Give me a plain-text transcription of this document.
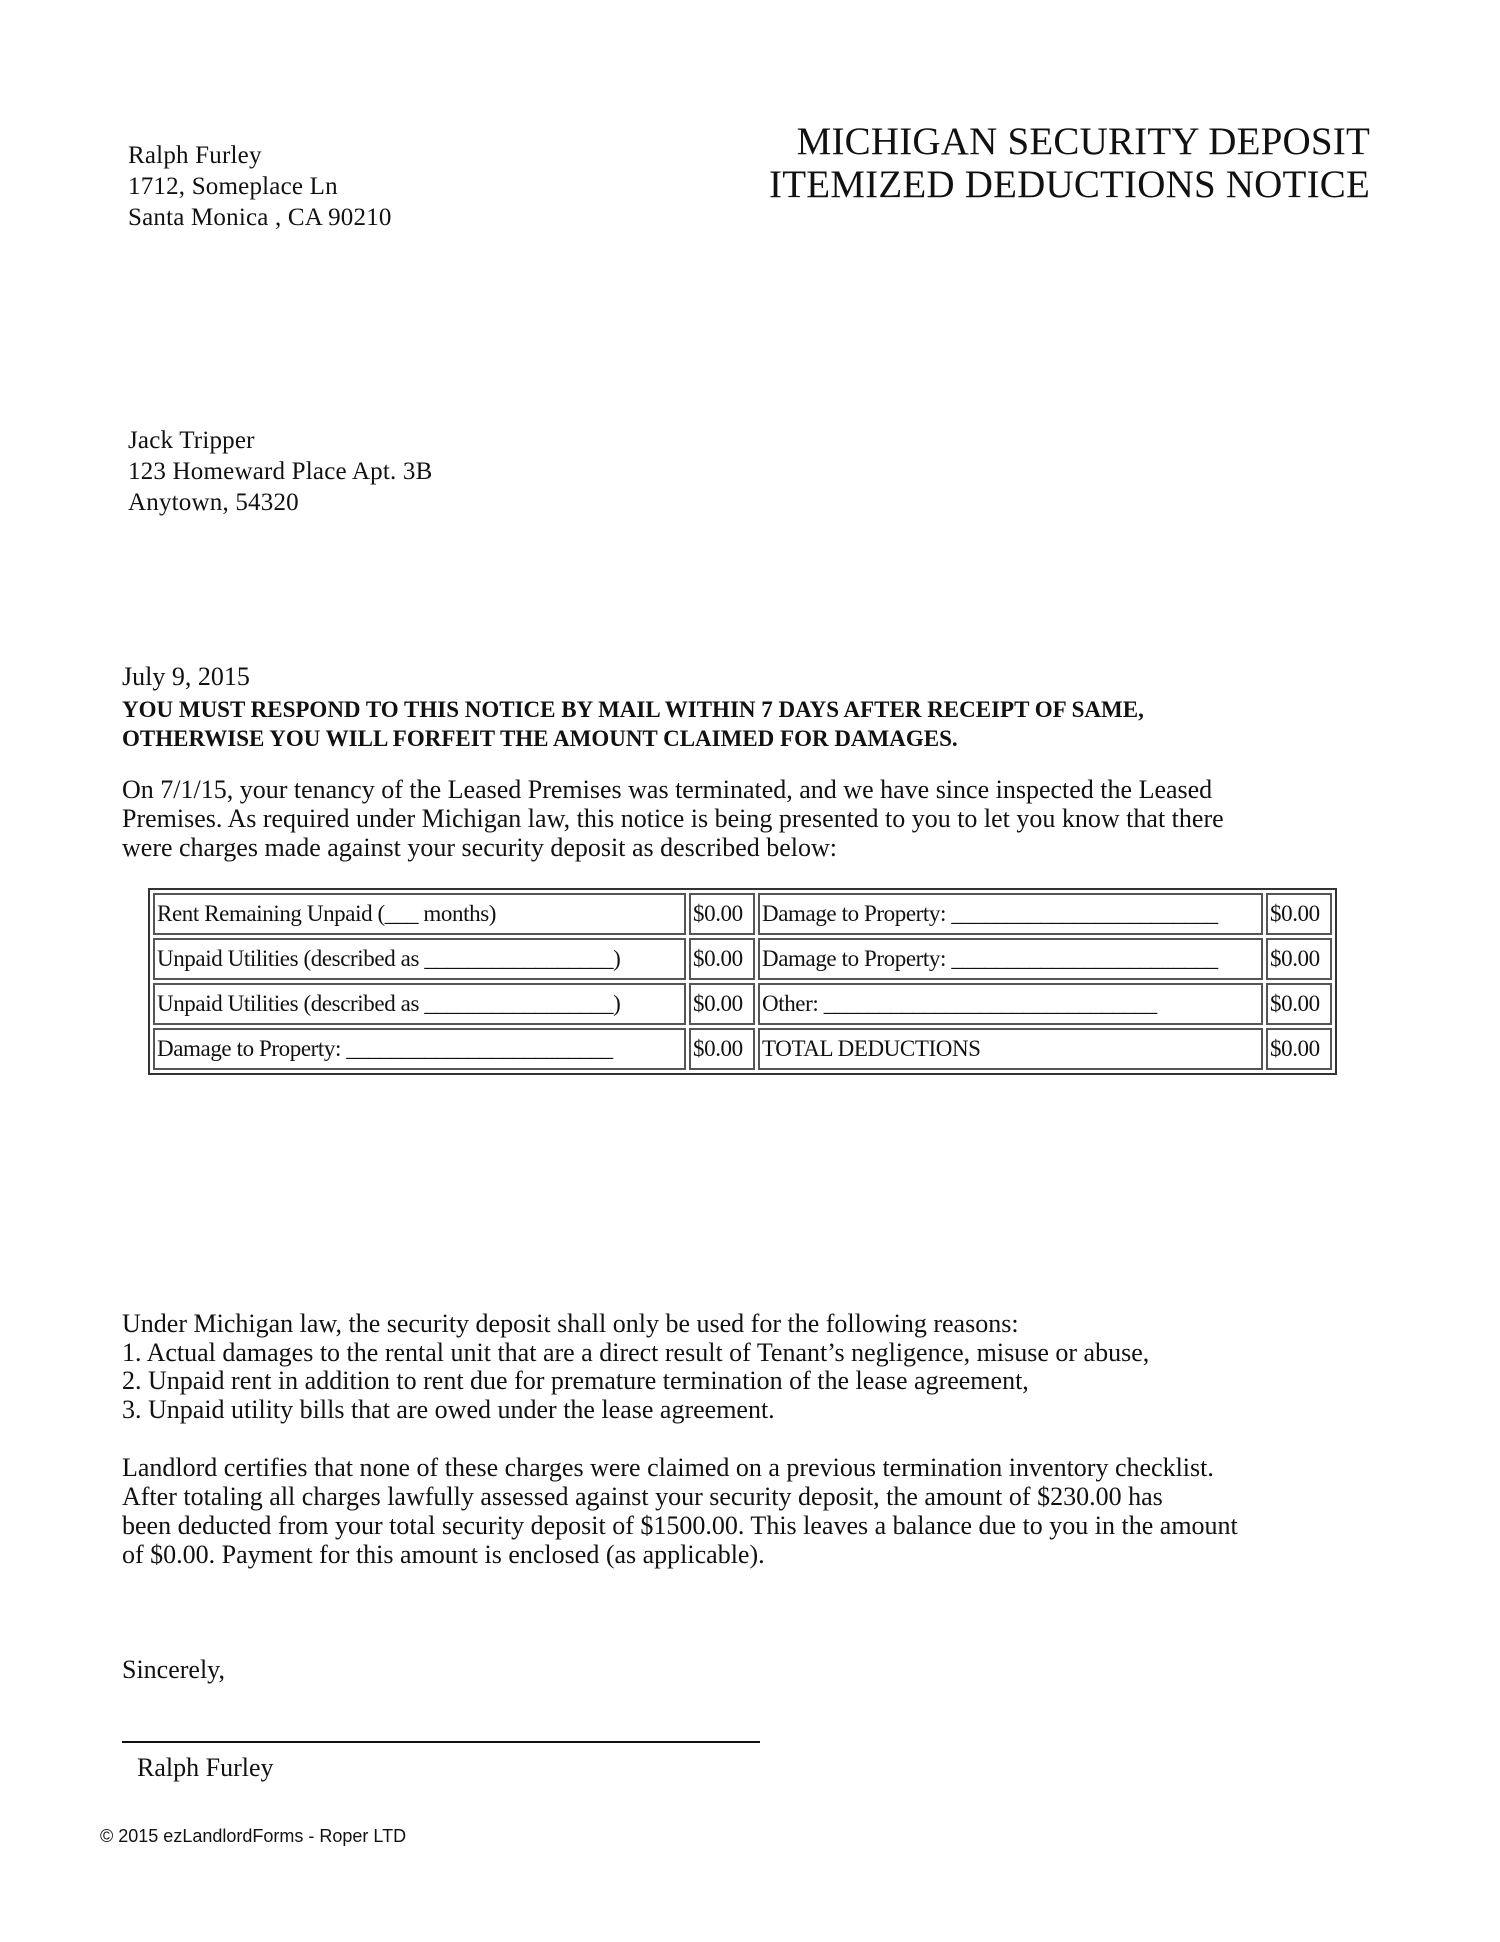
Ralph Furley
1712, Someplace Ln
Santa Monica , CA 90210
MICHIGAN SECURITY DEPOSIT
ITEMIZED DEDUCTIONS NOTICE
Jack Tripper
123 Homeward Place Apt. 3B
Anytown, 54320
July 9, 2015
YOU MUST RESPOND TO THIS NOTICE BY MAIL WITHIN 7 DAYS AFTER RECEIPT OF SAME,
OTHERWISE YOU WILL FORFEIT THE AMOUNT CLAIMED FOR DAMAGES.
On 7/1/15, your tenancy of the Leased Premises was terminated, and we have since inspected the Leased
Premises. As required under Michigan law, this notice is being presented to you to let you know that there
were charges made against your security deposit as described below:
Rent Remaining Unpaid (___ months)	$0.00	Damage to Property: ________________________	$0.00
Unpaid Utilities (described as _________________)	$0.00	Damage to Property: ________________________	$0.00
Unpaid Utilities (described as _________________)	$0.00	Other: ______________________________	$0.00
Damage to Property: ________________________	$0.00	TOTAL DEDUCTIONS	$0.00
Under Michigan law, the security deposit shall only be used for the following reasons:
1. Actual damages to the rental unit that are a direct result of Tenant’s negligence, misuse or abuse,
2. Unpaid rent in addition to rent due for premature termination of the lease agreement,
3. Unpaid utility bills that are owed under the lease agreement.
Landlord certifies that none of these charges were claimed on a previous termination inventory checklist.
After totaling all charges lawfully assessed against your security deposit, the amount of $230.00 has
been deducted from your total security deposit of $1500.00. This leaves a balance due to you in the amount
of $0.00. Payment for this amount is enclosed (as applicable).
Sincerely,
Ralph Furley
© 2015 ezLandlordForms - Roper LTD
